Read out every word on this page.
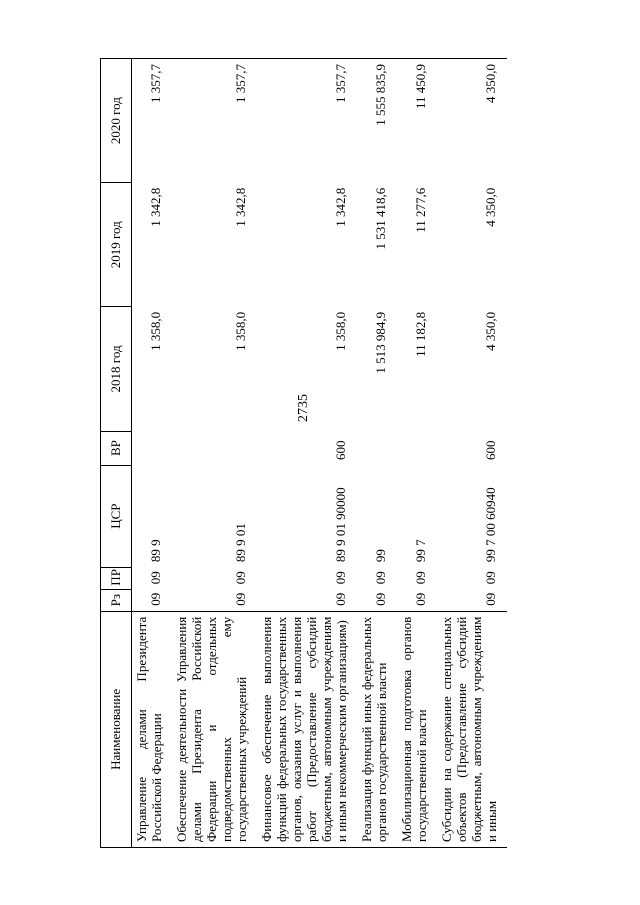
2735
Наименование	Рз	ПР	ЦСР	ВР	2018 год	2019 год	2020 год
Управление делами Президента Российской Федерации	09	09	89 9		1 358,0	1 342,8	1 357,7
Обеспечение деятельности Управления делами Президента Российской Федерации и отдельных подведомственных ему государственных учреждений	09	09	89 9 01		1 358,0	1 342,8	1 357,7
Финансовое обеспечение выполнения функций федеральных государственных органов, оказания услуг и выполнения работ (Предоставление субсидий бюджетным, автономным учреждениям и иным некоммерческим организациям)	09	09	89 9 01 90000	600	1 358,0	1 342,8	1 357,7
Реализация функций иных федеральных органов государственной власти	09	09	99		1 513 984,9	1 531 418,6	1 555 835,9
Мобилизационная подготовка органов государственной власти	09	09	99 7		11 182,8	11 277,6	11 450,9
Субсидии на содержание специальных объектов (Предоставление субсидий бюджетным, автономным учреждениям и иным	09	09	99 7 00 60940	600	4 350,0	4 350,0	4 350,0
